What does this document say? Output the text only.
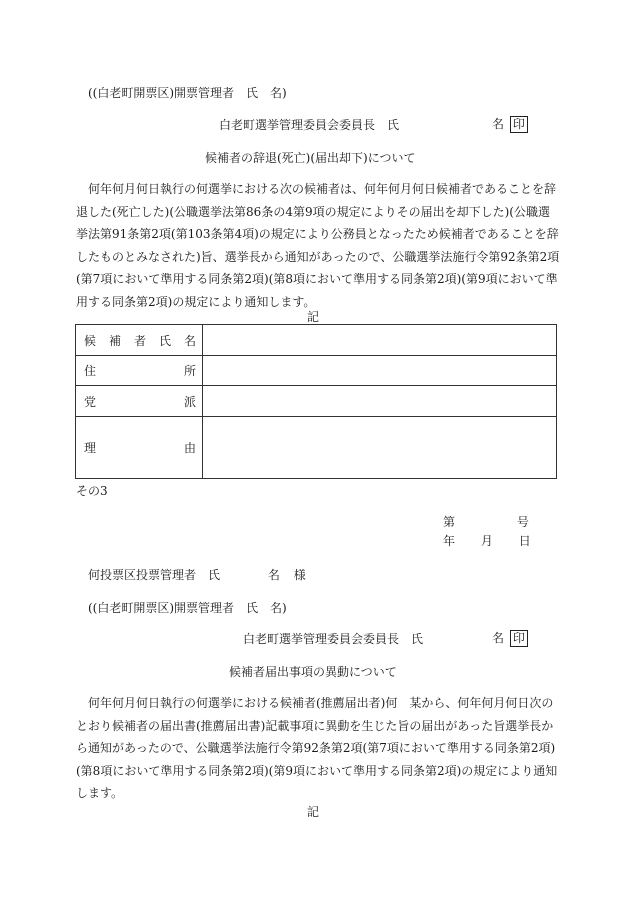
((白老町開票区)開票管理者　氏　名)
白老町選挙管理委員会委員長　氏	名 印
候補者の辞退(死亡)(届出却下)について
何年何月何日執行の何選挙における次の候補者は、何年何月何日候補者であることを辞
退した(死亡した)(公職選挙法第86条の4第9項の規定によりその届出を却下した)(公職選
挙法第91条第2項(第103条第4項)の規定により公務員となったため候補者であることを辞
したものとみなされた)旨、選挙長から通知があったので、公職選挙法施行令第92条第2項
(第7項において準用する同条第2項)(第8項において準用する同条第2項)(第9項において準
用する同条第2項)の規定により通知します。
記
候 補 者 氏 名	

住 所	

党 派	

理 由	

その3
第	号
年 月 日
何投票区投票管理者　氏	名 様
((白老町開票区)開票管理者　氏　名)
白老町選挙管理委員会委員長　氏	名 印
候補者届出事項の異動について
何年何月何日執行の何選挙における候補者(推薦届出者)何　某から、何年何月何日次の
とおり候補者の届出書(推薦届出書)記載事項に異動を生じた旨の届出があった旨選挙長か
ら通知があったので、公職選挙法施行令第92条第2項(第7項において準用する同条第2項)
(第8項において準用する同条第2項)(第9項において準用する同条第2項)の規定により通知
します。
記
